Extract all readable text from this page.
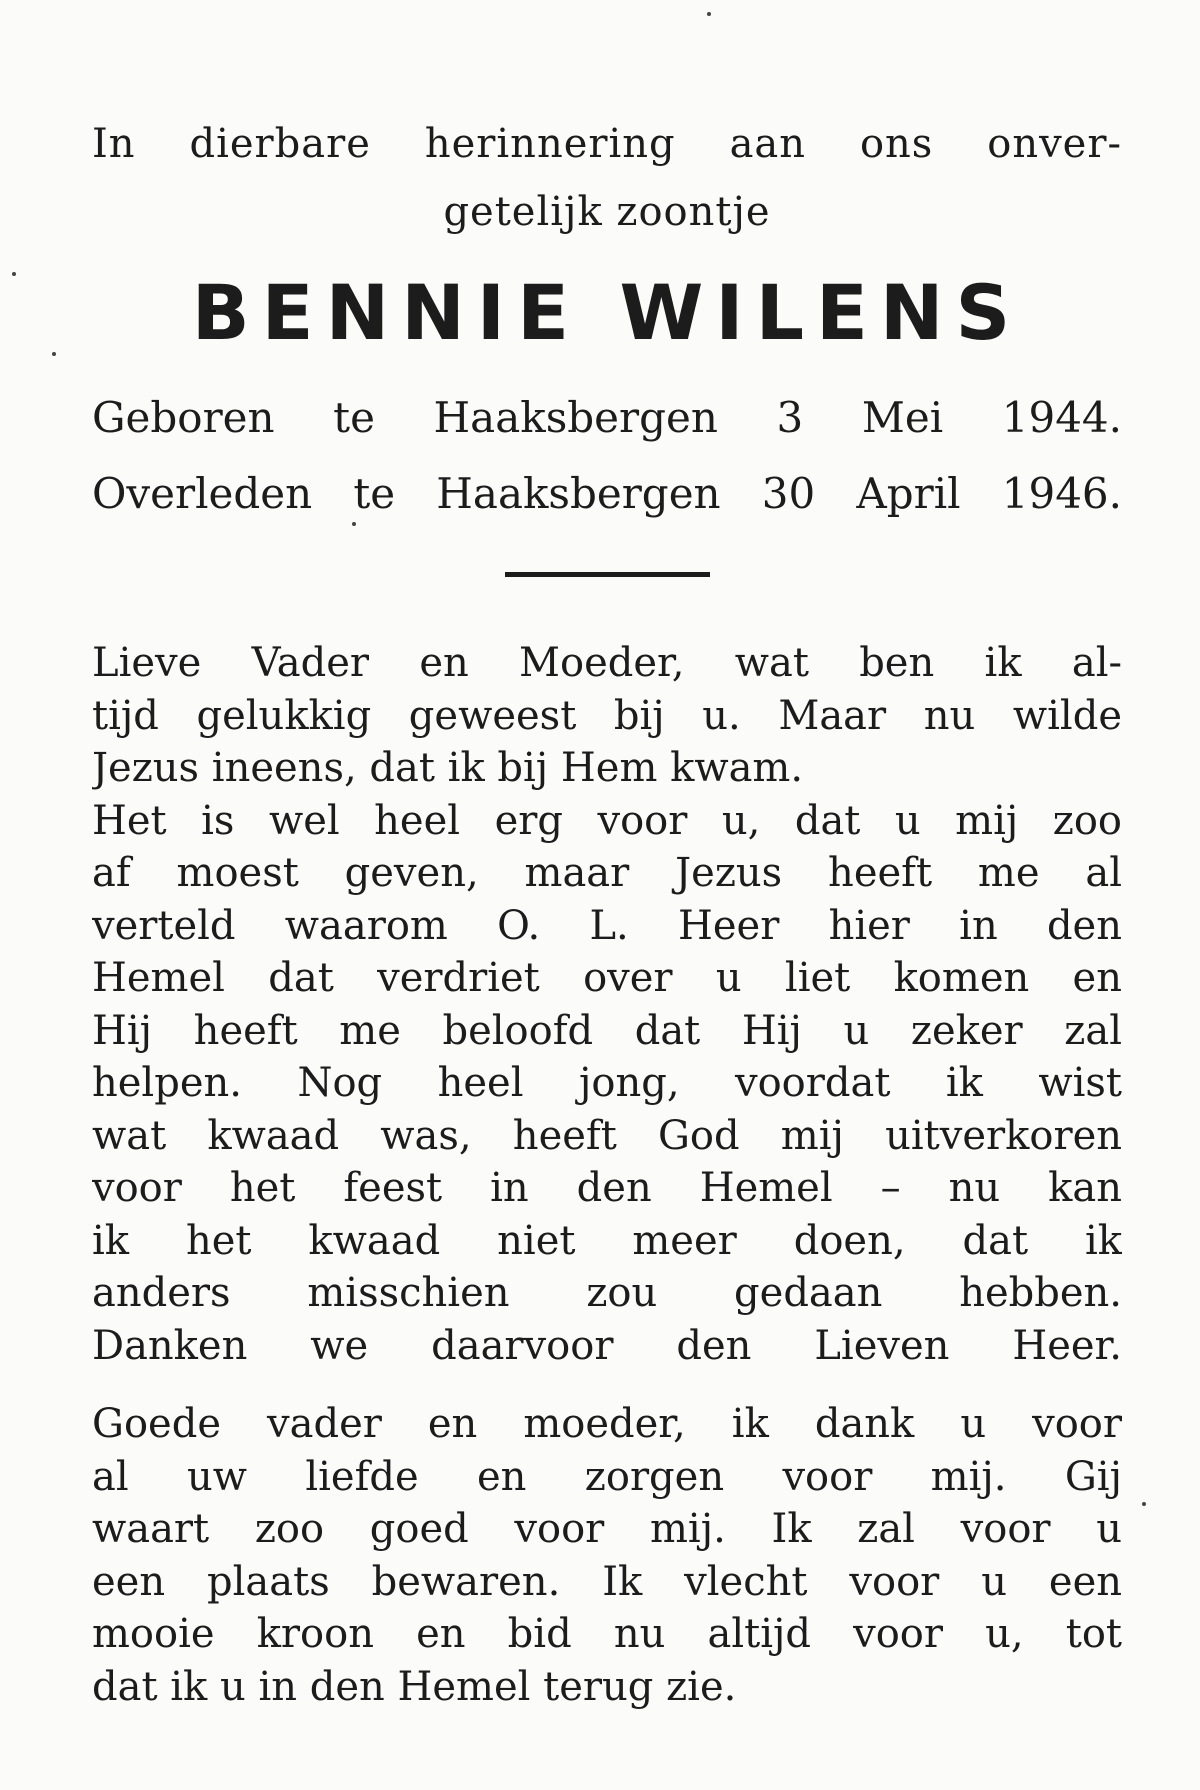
In dierbare herinnering aan ons onver-
getelijk zoontje
BENNIE WILENS
Geboren te Haaksbergen 3 Mei 1944.
Overleden te Haaksbergen 30 April 1946.
Lieve Vader en Moeder, wat ben ik al-
tijd gelukkig geweest bij u. Maar nu wilde
Jezus ineens, dat ik bij Hem kwam.
Het is wel heel erg voor u, dat u mij zoo
af moest geven, maar Jezus heeft me al
verteld waarom O. L. Heer hier in den
Hemel dat verdriet over u liet komen en
Hij heeft me beloofd dat Hij u zeker zal
helpen. Nog heel jong, voordat ik wist
wat kwaad was, heeft God mij uitverkoren
voor het feest in den Hemel – nu kan
ik het kwaad niet meer doen, dat ik
anders misschien zou gedaan hebben.
Danken we daarvoor den Lieven Heer.
Goede vader en moeder, ik dank u voor
al uw liefde en zorgen voor mij. Gij
waart zoo goed voor mij. Ik zal voor u
een plaats bewaren. Ik vlecht voor u een
mooie kroon en bid nu altijd voor u, tot
dat ik u in den Hemel terug zie.
